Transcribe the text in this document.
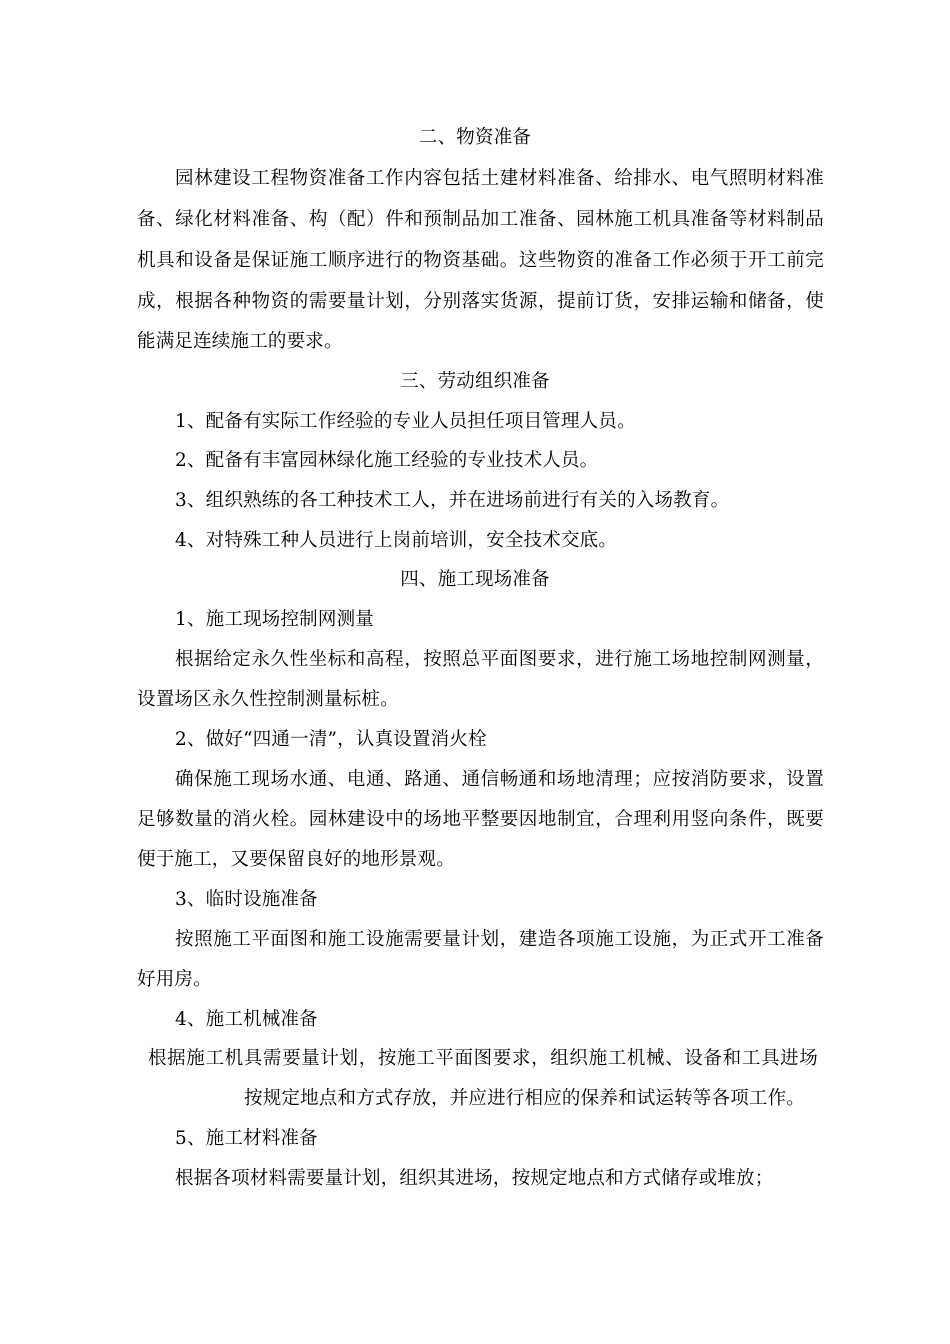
二、物资准备
园林建设工程物资准备工作内容包括土建材料准备、给排水、电气照明材料准
备、绿化材料准备、构（配）件和预制品加工准备、园林施工机具准备等材料制品
机具和设备是保证施工顺序进行的物资基础。这些物资的准备工作必须于开工前完
成，根据各种物资的需要量计划，分别落实货源，提前订货，安排运输和储备，使
能满足连续施工的要求。
三、劳动组织准备
1、配备有实际工作经验的专业人员担任项目管理人员。
2、配备有丰富园林绿化施工经验的专业技术人员。
3、组织熟练的各工种技术工人，并在进场前进行有关的入场教育。
4、对特殊工种人员进行上岗前培训，安全技术交底。
四、施工现场准备
1、施工现场控制网测量
根据给定永久性坐标和高程，按照总平面图要求，进行施工场地控制网测量，
设置场区永久性控制测量标桩。
2、做好“四通一清”，认真设置消火栓
确保施工现场水通、电通、路通、通信畅通和场地清理；应按消防要求，设置
足够数量的消火栓。园林建设中的场地平整要因地制宜，合理利用竖向条件，既要
便于施工，又要保留良好的地形景观。
3、临时设施准备
按照施工平面图和施工设施需要量计划，建造各项施工设施，为正式开工准备
好用房。
4、施工机械准备
根据施工机具需要量计划，按施工平面图要求，组织施工机械、设备和工具进场
按规定地点和方式存放，并应进行相应的保养和试运转等各项工作。
5、施工材料准备
根据各项材料需要量计划，组织其进场，按规定地点和方式储存或堆放；
